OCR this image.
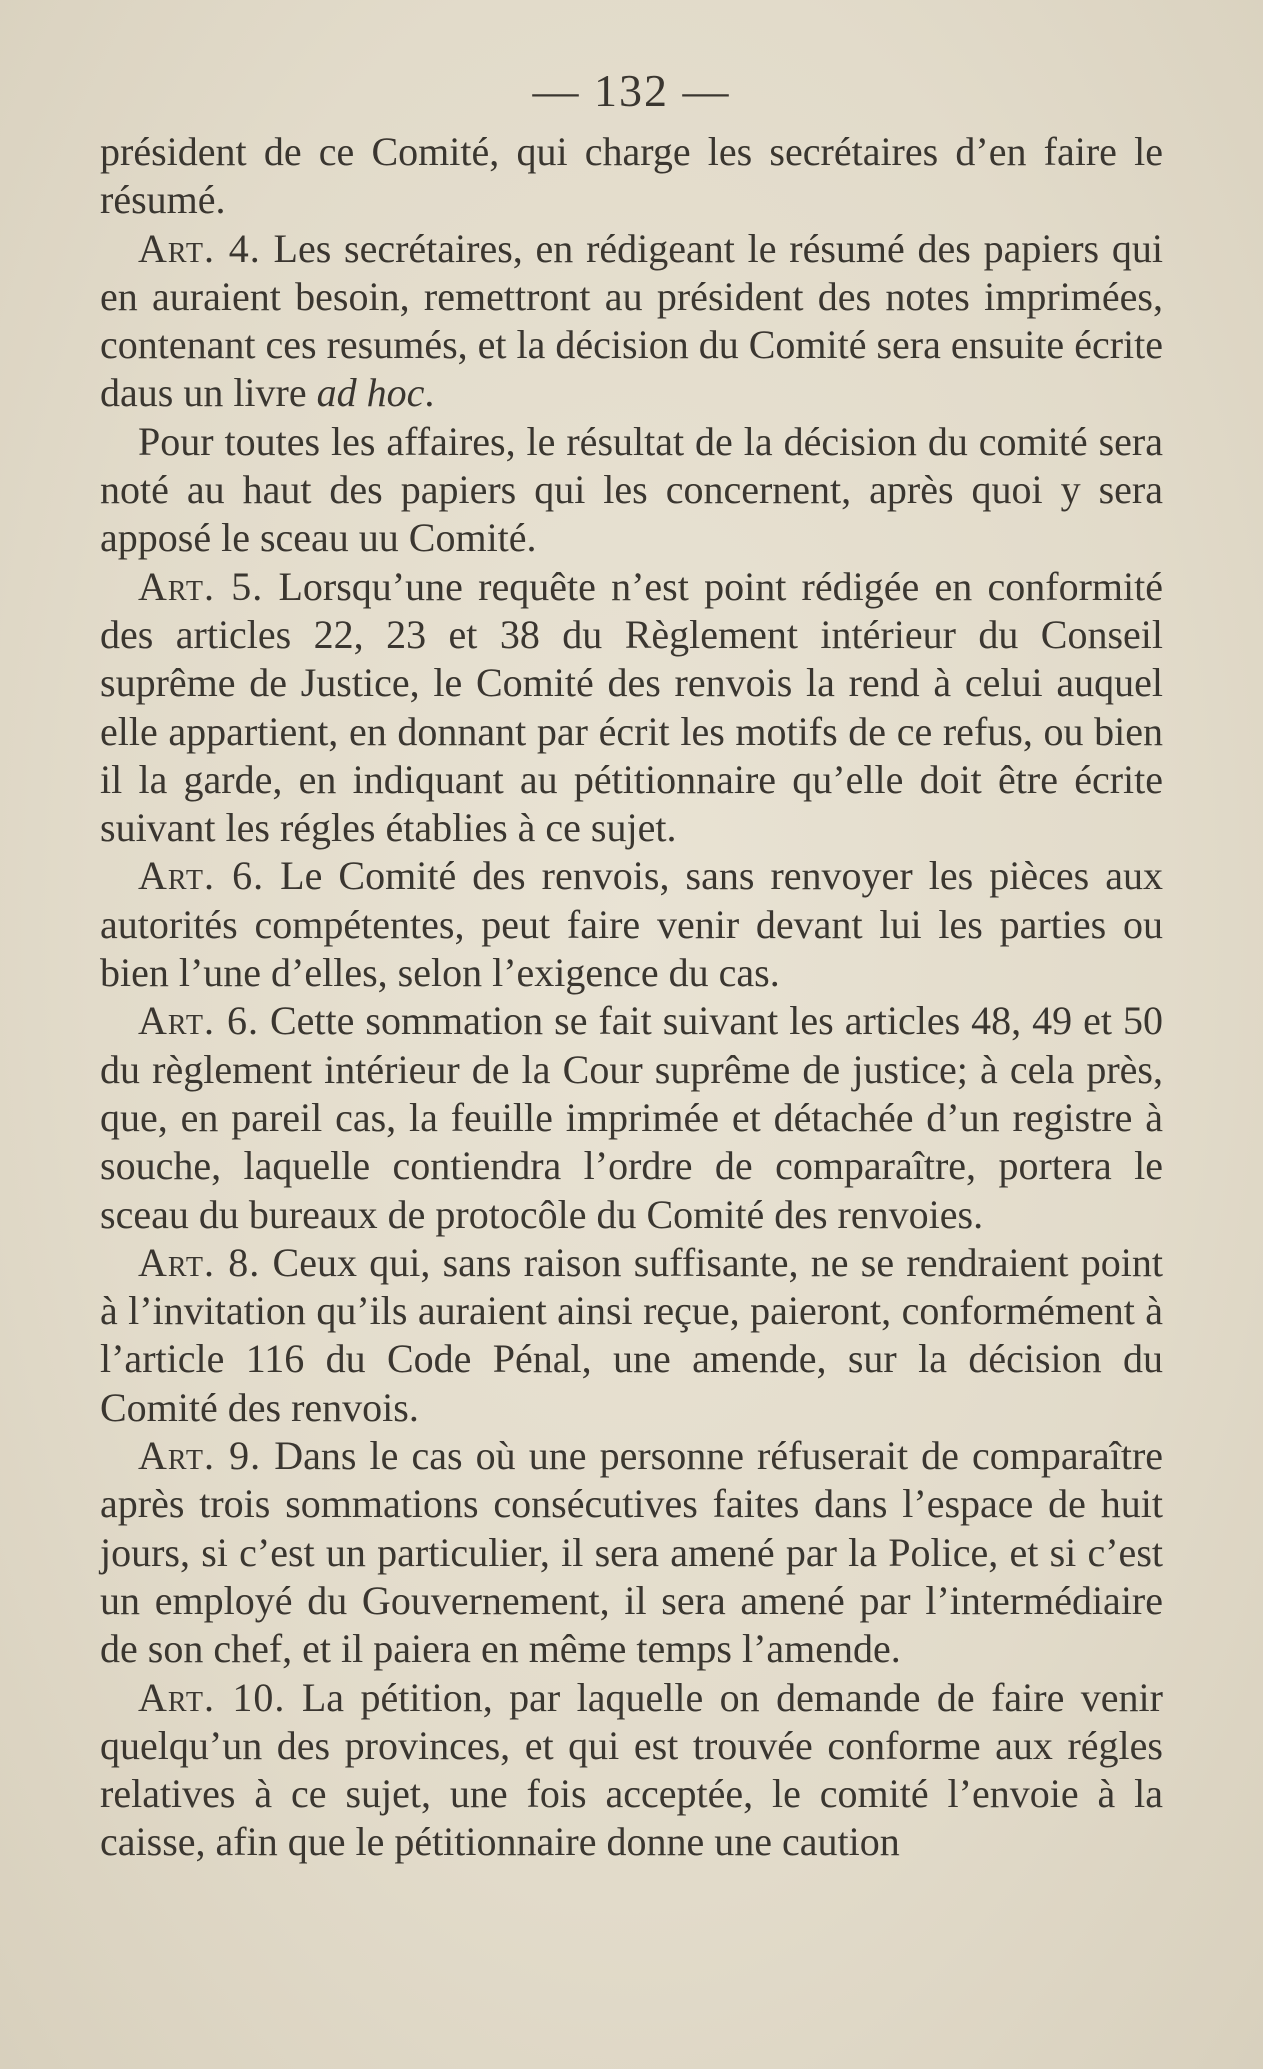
— 132 —

président de ce Comité, qui charge les secrétaires d’en faire le résumé.

Art. 4. Les secrétaires, en rédigeant le résumé des papiers qui en auraient besoin, remettront au président des notes imprimées, contenant ces resumés, et la décision du Comité sera ensuite écrite daus un livre ad hoc.

Pour toutes les affaires, le résultat de la décision du comité sera noté au haut des papiers qui les concernent, après quoi y sera apposé le sceau uu Comité.

Art. 5. Lorsqu’une requête n’est point rédigée en conformité des articles 22, 23 et 38 du Règlement intérieur du Conseil suprême de Justice, le Comité des renvois la rend à celui auquel elle appartient, en donnant par écrit les motifs de ce refus, ou bien il la garde, en indiquant au pétitionnaire qu’elle doit être écrite suivant les régles établies à ce sujet.

Art. 6. Le Comité des renvois, sans renvoyer les pièces aux autorités compétentes, peut faire venir devant lui les parties ou bien l’une d’elles, selon l’exigence du cas.

Art. 6. Cette sommation se fait suivant les articles 48, 49 et 50 du règlement intérieur de la Cour suprême de justice; à cela près, que, en pareil cas, la feuille imprimée et détachée d’un registre à souche, laquelle contiendra l’ordre de comparaître, portera le sceau du bureaux de protocôle du Comité des renvoies.

Art. 8. Ceux qui, sans raison suffisante, ne se rendraient point à l’invitation qu’ils auraient ainsi reçue, paieront, conformément à l’article 116 du Code Pénal, une amende, sur la décision du Comité des renvois.

Art. 9. Dans le cas où une personne réfuserait de comparaître après trois sommations consécutives faites dans l’espace de huit jours, si c’est un particulier, il sera amené par la Police, et si c’est un employé du Gouvernement, il sera amené par l’intermédiaire de son chef, et il paiera en même temps l’amende.

Art. 10. La pétition, par laquelle on demande de faire venir quelqu’un des provinces, et qui est trouvée conforme aux régles relatives à ce sujet, une fois acceptée, le comité l’envoie à la caisse, afin que le pétitionnaire donne une caution
